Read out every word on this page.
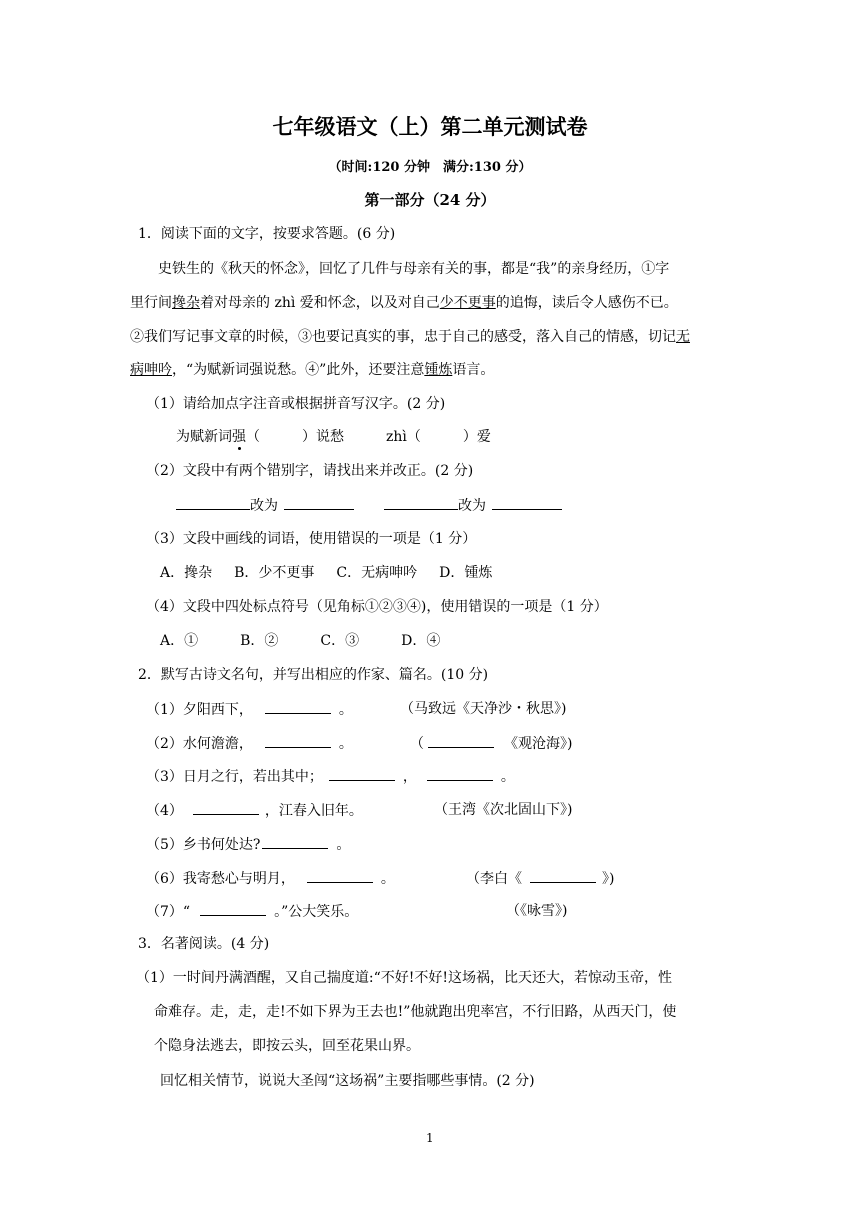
七年级语文（上）第二单元测试卷
（时间:120 分钟　满分:130 分）
第一部分（24 分）
1．阅读下面的文字，按要求答题。(6 分)
史铁生的《秋天的怀念》，回忆了几件与母亲有关的事，都是“我”的亲身经历，①字
里行间搀杂着对母亲的 zhì 爱和怀念，以及对自己少不更事的追悔，读后令人感伤不已。
②我们写记事文章的时候，③也要记真实的事，忠于自己的感受，落入自己的情感，切记无
病呻吟，“为赋新词强说愁。④”此外，还要注意锺炼语言。
（1）请给加点字注音或根据拼音写汉字。(2 分)
为赋新词强（　　　）说愁	zhì（　　　）爱
（2）文段中有两个错别字，请找出来并改正。(2 分)
改为	改为
（3）文段中画线的词语，使用错误的一项是（1 分）
A．搀杂 B．少不更事 C．无病呻吟 D．锺炼
（4）文段中四处标点符号（见角标①②③④)，使用错误的一项是（1 分）
A．①	B．②	C．③	D．④
2．默写古诗文名句，并写出相应的作家、篇名。(10 分)
（1）夕阳西下，	。	（马致远《天净沙・秋思》)
（2）水何澹澹，	。	（	《观沧海》)
（3）日月之行，若出其中；	，	。
（4）	，江春入旧年。	（王湾《次北固山下》)
（5）乡书何处达?	。
（6）我寄愁心与明月，	。	（李白《	》)
（7）“	。”公大笑乐。	（《咏雪》)
3．名著阅读。(4 分)
（1）一时间丹满酒醒，又自己揣度道:“不好!不好!这场祸，比天还大，若惊动玉帝，性
命难存。走，走，走!不如下界为王去也!”他就跑出兜率宫，不行旧路，从西天门，使
个隐身法逃去，即按云头，回至花果山界。
回忆相关情节，说说大圣闯“这场祸”主要指哪些事情。(2 分)
1
